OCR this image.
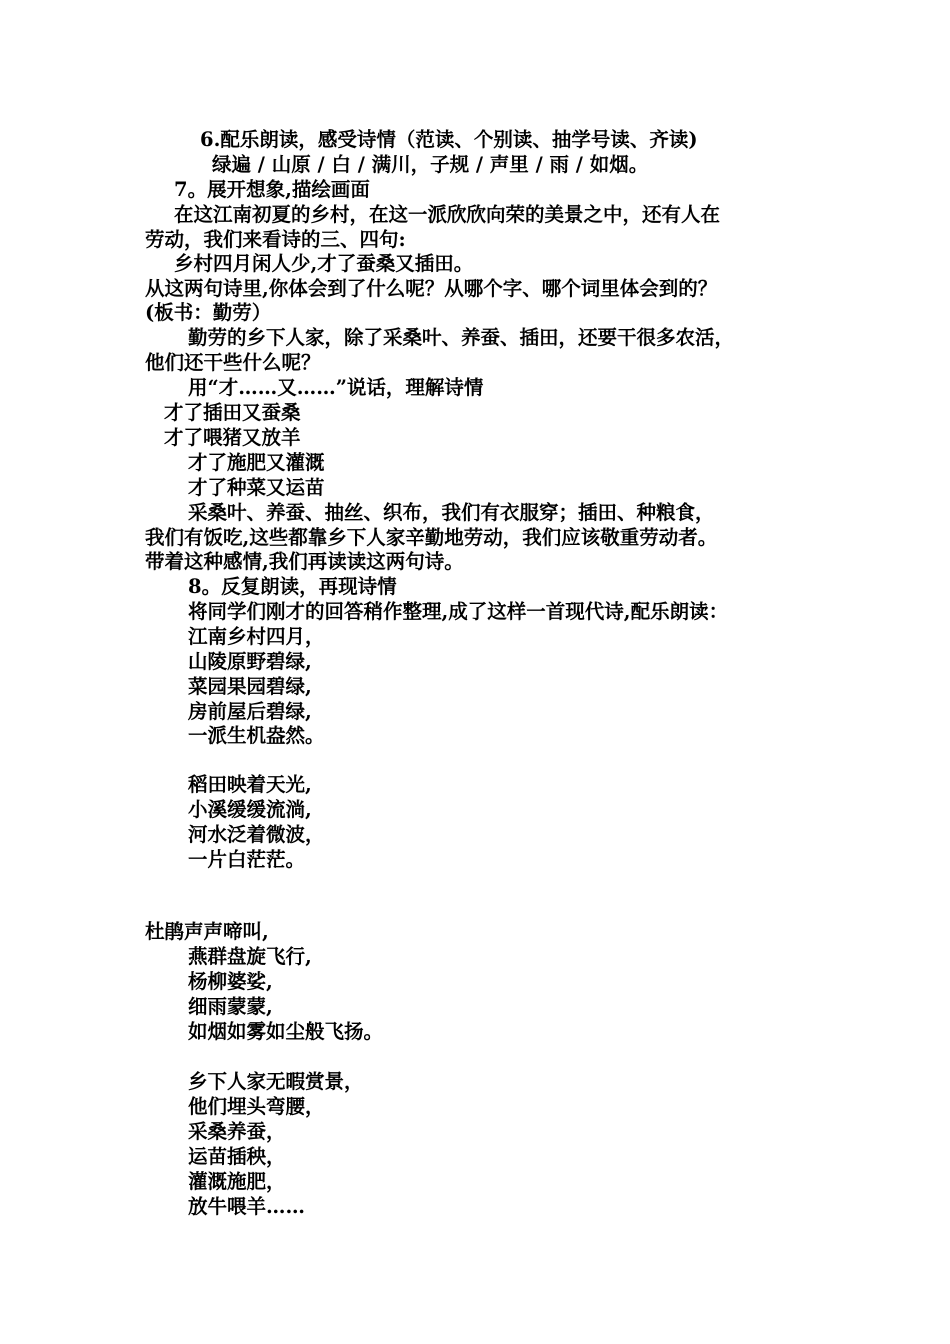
6.配乐朗读，感受诗情（范读、个别读、抽学号读、齐读)
绿遍 / 山原 / 白 / 满川，子规 / 声里 / 雨 / 如烟。
7。展开想象,描绘画面
在这江南初夏的乡村，在这一派欣欣向荣的美景之中，还有人在
劳动，我们来看诗的三、四句:
乡村四月闲人少,才了蚕桑又插田。
从这两句诗里,你体会到了什么呢？从哪个字、哪个词里体会到的？
(板书：勤劳）
勤劳的乡下人家，除了采桑叶、养蚕、插田，还要干很多农活，
他们还干些什么呢？
用“才……又……”说话，理解诗情
才了插田又蚕桑
才了喂猪又放羊
才了施肥又灌溉
才了种菜又运苗
采桑叶、养蚕、抽丝、织布，我们有衣服穿；插田、种粮食，
我们有饭吃,这些都靠乡下人家辛勤地劳动，我们应该敬重劳动者。
带着这种感情,我们再读读这两句诗。
8。反复朗读，再现诗情
将同学们刚才的回答稍作整理,成了这样一首现代诗,配乐朗读：
江南乡村四月，
山陵原野碧绿,
菜园果园碧绿,
房前屋后碧绿,
一派生机盎然。
稻田映着天光,
小溪缓缓流淌,
河水泛着微波，
一片白茫茫。
杜鹃声声啼叫,
燕群盘旋飞行,
杨柳婆娑,
细雨蒙蒙,
如烟如雾如尘般飞扬。
乡下人家无暇赏景，
他们埋头弯腰，
采桑养蚕，
运苗插秧，
灌溉施肥，
放牛喂羊……
